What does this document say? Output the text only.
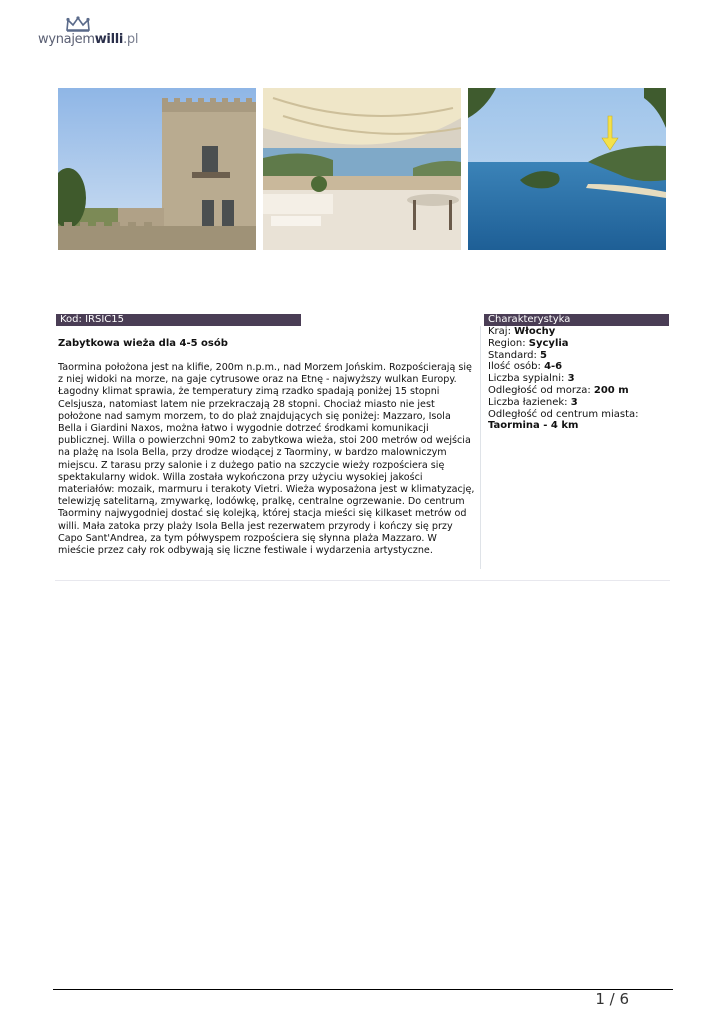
wynajemwilli.pl
Kod: IRSIC15
Zabytkowa wieża dla 4-5 osób
Taormina położona jest na klifie, 200m n.p.m., nad Morzem Jońskim. Rozpościerają się z niej widoki na morze, na gaje cytrusowe oraz na Etnę - najwyższy wulkan Europy. Łagodny klimat sprawia, że temperatury zimą rzadko spadają poniżej 15 stopni Celsjusza, natomiast latem nie przekraczają 28 stopni. Chociaż miasto nie jest położone nad samym morzem, to do plaż znajdujących się poniżej: Mazzaro, Isola Bella i Giardini Naxos, można łatwo i wygodnie dotrzeć środkami komunikacji publicznej. Willa o powierzchni 90m2 to zabytkowa wieża, stoi 200 metrów od wejścia na plażę na Isola Bella, przy drodze wiodącej z Taorminy, w bardzo malowniczym miejscu. Z tarasu przy salonie i z dużego patio na szczycie wieży rozpościera się spektakularny widok. Willa została wykończona przy użyciu wysokiej jakości materiałów: mozaik, marmuru i terakoty Vietri. Wieża wyposażona jest w klimatyzację, telewizję satelitarną, zmywarkę, lodówkę, pralkę, centralne ogrzewanie. Do centrum Taorminy najwygodniej dostać się kolejką, której stacja mieści się kilkaset metrów od willi. Mała zatoka przy plaży Isola Bella jest rezerwatem przyrody i kończy się przy Capo Sant'Andrea, za tym półwyspem rozpościera się słynna plaża Mazzaro. W mieście przez cały rok odbywają się liczne festiwale i wydarzenia artystyczne.
Charakterystyka
Kraj: Włochy
Region: Sycylia
Standard: 5
Ilość osób: 4-6
Liczba sypialni: 3
Odległość od morza: 200 m
Liczba łazienek: 3
Odległość od centrum miasta: Taormina - 4 km
1 / 6
